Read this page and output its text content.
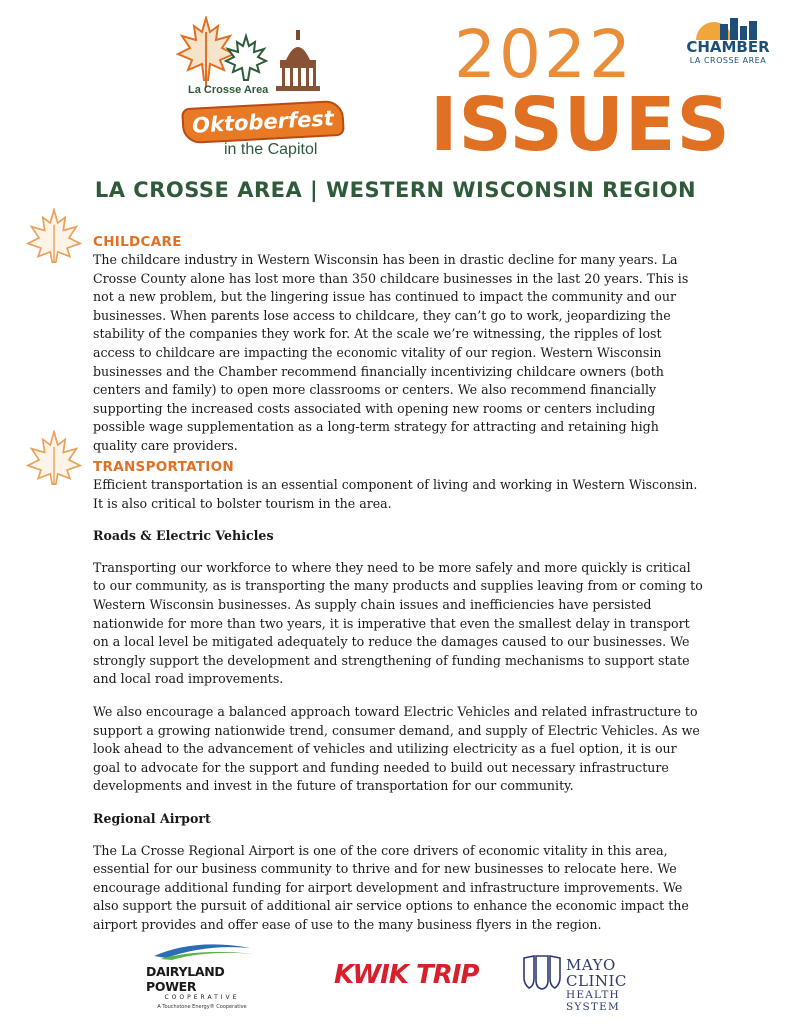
La Crosse Area
Oktoberfest
in the Capitol
2022
ISSUES
CHAMBER
LA CROSSE AREA
LA CROSSE AREA | WESTERN WISCONSIN REGION
CHILDCARE

The childcare industry in Western Wisconsin has been in drastic decline for many years. La Crosse County alone has lost more than 350 childcare businesses in the last 20 years. This is not a new problem, but the lingering issue has continued to impact the community and our businesses. When parents lose access to childcare, they can’t go to work, jeopardizing the stability of the companies they work for. At the scale we’re witnessing, the ripples of lost access to childcare are impacting the economic vitality of our region. Western Wisconsin businesses and the Chamber recommend financially incentivizing childcare owners (both centers and family) to open more classrooms or centers. We also recommend financially supporting the increased costs associated with opening new rooms or centers including possible wage supplementation as a long-term strategy for attracting and retaining high quality care providers.

TRANSPORTATION

Efficient transportation is an essential component of living and working in Western Wisconsin. It is also critical to bolster tourism in the area.

Roads & Electric Vehicles

Transporting our workforce to where they need to be more safely and more quickly is critical to our community, as is transporting the many products and supplies leaving from or coming to Western Wisconsin businesses. As supply chain issues and inefficiencies have persisted nationwide for more than two years, it is imperative that even the smallest delay in transport on a local level be mitigated adequately to reduce the damages caused to our businesses. We strongly support the development and strengthening of funding mechanisms to support state and local road improvements.

We also encourage a balanced approach toward Electric Vehicles and related infrastructure to support a growing nationwide trend, consumer demand, and supply of Electric Vehicles. As we look ahead to the advancement of vehicles and utilizing electricity as a fuel option, it is our goal to advocate for the support and funding needed to build out necessary infrastructure developments and invest in the future of transportation for our community.

Regional Airport

The La Crosse Regional Airport is one of the core drivers of economic vitality in this area, essential for our business community to thrive and for new businesses to relocate here. We encourage additional funding for airport development and infrastructure improvements. We also support the pursuit of additional air service options to enhance the economic impact the airport provides and offer ease of use to the many business flyers in the region.

DAIRYLAND POWER
COOPERATIVE
A Touchstone Energy® Cooperative
KWIK TRIP	MAYO CLINIC
HEALTH SYSTEM
